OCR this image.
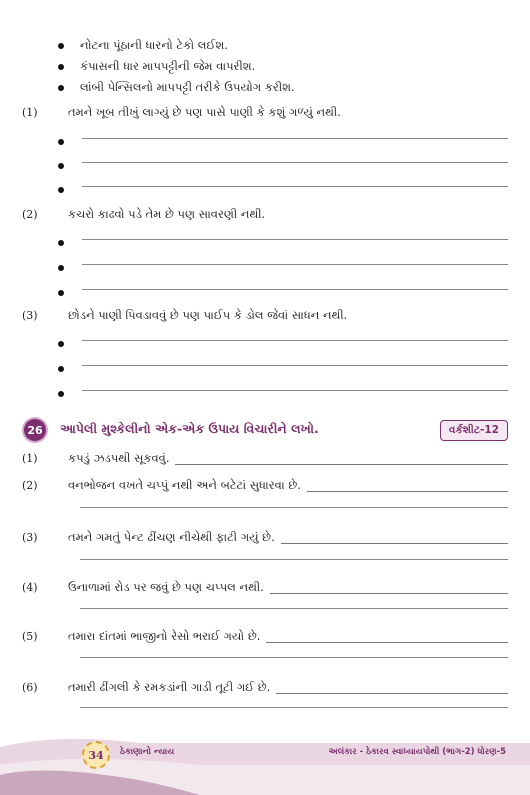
નોટના પૂંઠાની ધારનો ટેકો લઈશ.
કંપાસની ધાર માપપટ્ટીની જેમ વાપરીશ.
લાંબી પેન્સિલનો માપપટ્ટી તરીકે ઉપયોગ કરીશ.
(1)	તમને ખૂબ તીખું લાગ્યું છે પણ પાસે પાણી કે કશું ગળ્યું નથી.
(2)	કચરો કાઢવો પડે તેમ છે પણ સાવરણી નથી.
(3)	છોડને પાણી પિવડાવવું છે પણ પાઈપ કે ડોલ જેવાં સાધન નથી.
26 આપેલી મુશ્કેલીનો એક-એક ઉપાય વિચારીને લખો.	વર્કશીટ-12
(1)	કપડું ઝડપથી સૂકવવું.
(2)	વનભોજન વખતે ચપ્પું નથી અને બટેટાં સુધારવા છે.
(3)	તમને ગમતું પેન્ટ ઢીંચણ નીચેથી ફાટી ગયું છે.
(4)	ઉનાળામાં રોડ પર જવું છે પણ ચપ્પલ નથી.
(5)	તમારા દાંતમાં ભાજીનો રેસો ભરાઈ ગયો છે.
(6)	તમારી ઢીંગલી કે રમકડાંની ગાડી તૂટી ગઈ છે.
34	ઠેકાણાનો ન્યાય	અલંકાર - ઠેકારવ સ્વાધ્યાયપોથી (ભાગ-2) ધોરણ-5
